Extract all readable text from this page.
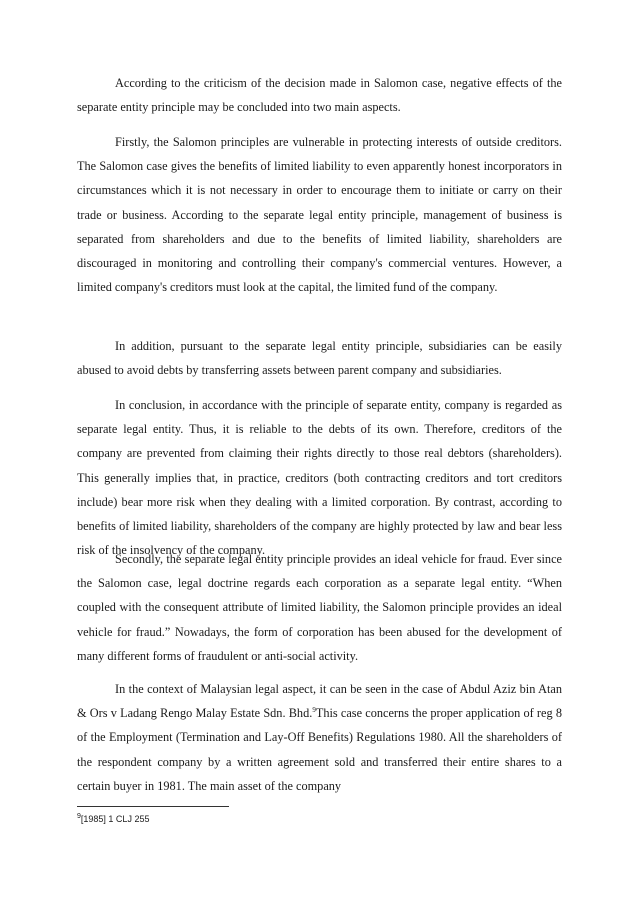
According to the criticism of the decision made in Salomon case, negative effects of the separate entity principle may be concluded into two main aspects.

Firstly, the Salomon principles are vulnerable in protecting interests of outside creditors. The Salomon case gives the benefits of limited liability to even apparently honest incorporators in circumstances which it is not necessary in order to encourage them to initiate or carry on their trade or business. According to the separate legal entity principle, management of business is separated from shareholders and due to the benefits of limited liability, shareholders are discouraged in monitoring and controlling their company's commercial ventures. However, a limited company's creditors must look at the capital, the limited fund of the company.

In addition, pursuant to the separate legal entity principle, subsidiaries can be easily abused to avoid debts by transferring assets between parent company and subsidiaries.

In conclusion, in accordance with the principle of separate entity, company is regarded as separate legal entity. Thus, it is reliable to the debts of its own. Therefore, creditors of the company are prevented from claiming their rights directly to those real debtors (shareholders). This generally implies that, in practice, creditors (both contracting creditors and tort creditors include) bear more risk when they dealing with a limited corporation. By contrast, according to benefits of limited liability, shareholders of the company are highly protected by law and bear less risk of the insolvency of the company.

Secondly, the separate legal entity principle provides an ideal vehicle for fraud. Ever since the Salomon case, legal doctrine regards each corporation as a separate legal entity. “When coupled with the consequent attribute of limited liability, the Salomon principle provides an ideal vehicle for fraud.” Nowadays, the form of corporation has been abused for the development of many different forms of fraudulent or anti-social activity.

In the context of Malaysian legal aspect, it can be seen in the case of Abdul Aziz bin Atan & Ors v Ladang Rengo Malay Estate Sdn. Bhd.$^9$This case concerns the proper application of reg 8 of the Employment (Termination and Lay-Off Benefits) Regulations 1980. All the shareholders of the respondent company by a written agreement sold and transferred their entire shares to a certain buyer in 1981. The main asset of the company

$^9$[1985] 1 CLJ 255
